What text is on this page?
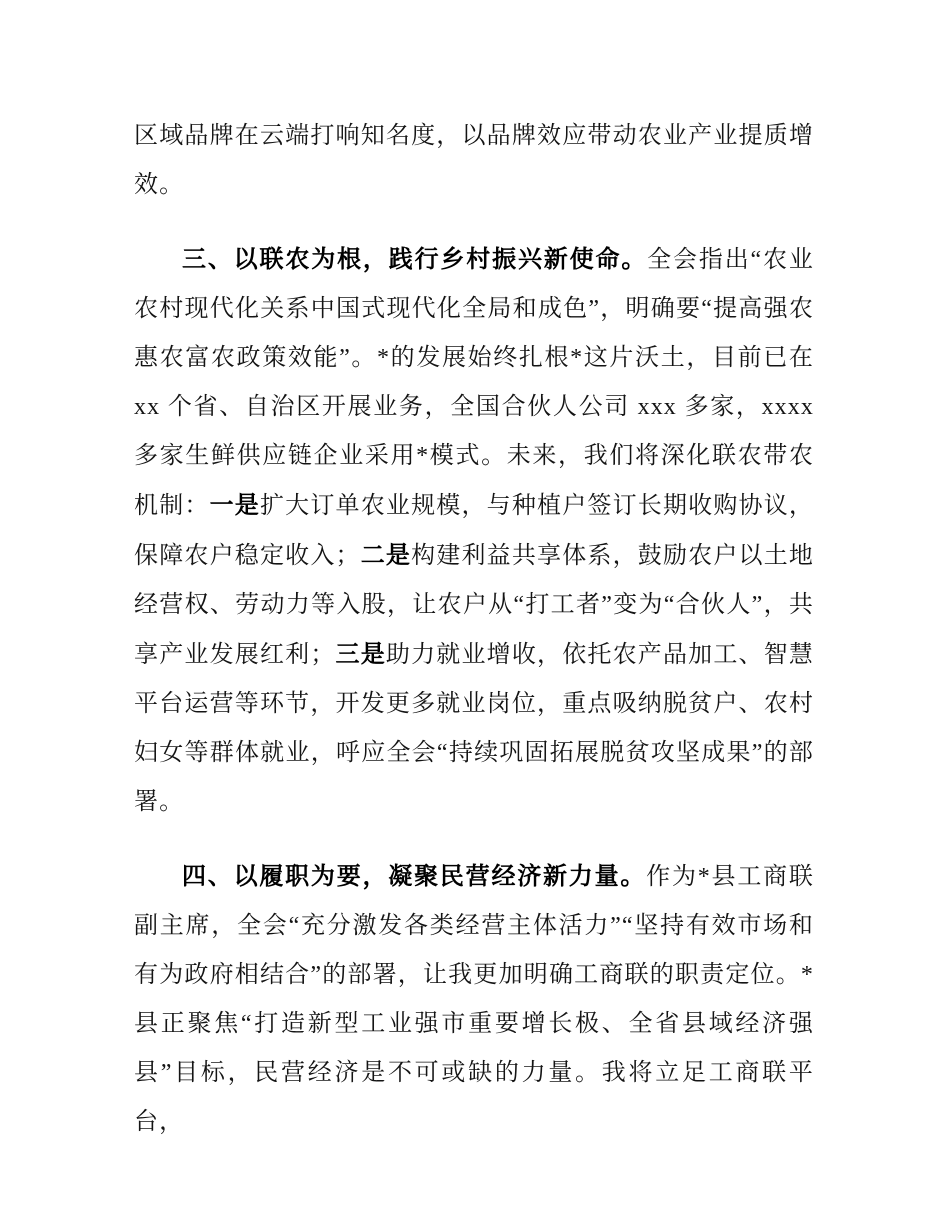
区域品牌在云端打响知名度，以品牌效应带动农业产业提质增效。

三、以联农为根，践行乡村振兴新使命。全会指出“农业农村现代化关系中国式现代化全局和成色”，明确要“提高强农惠农富农政策效能”。*的发展始终扎根*这片沃土，目前已在 xx 个省、自治区开展业务，全国合伙人公司 xxx 多家，xxxx 多家生鲜供应链企业采用*模式。未来，我们将深化联农带农机制：一是扩大订单农业规模，与种植户签订长期收购协议，保障农户稳定收入；二是构建利益共享体系，鼓励农户以土地经营权、劳动力等入股，让农户从“打工者”变为“合伙人”，共享产业发展红利；三是助力就业增收，依托农产品加工、智慧平台运营等环节，开发更多就业岗位，重点吸纳脱贫户、农村妇女等群体就业，呼应全会“持续巩固拓展脱贫攻坚成果”的部署。

四、以履职为要，凝聚民营经济新力量。作为*县工商联副主席，全会“充分激发各类经营主体活力”“坚持有效市场和有为政府相结合”的部署，让我更加明确工商联的职责定位。*县正聚焦“打造新型工业强市重要增长极、全省县域经济强县”目标，民营经济是不可或缺的力量。我将立足工商联平台，
